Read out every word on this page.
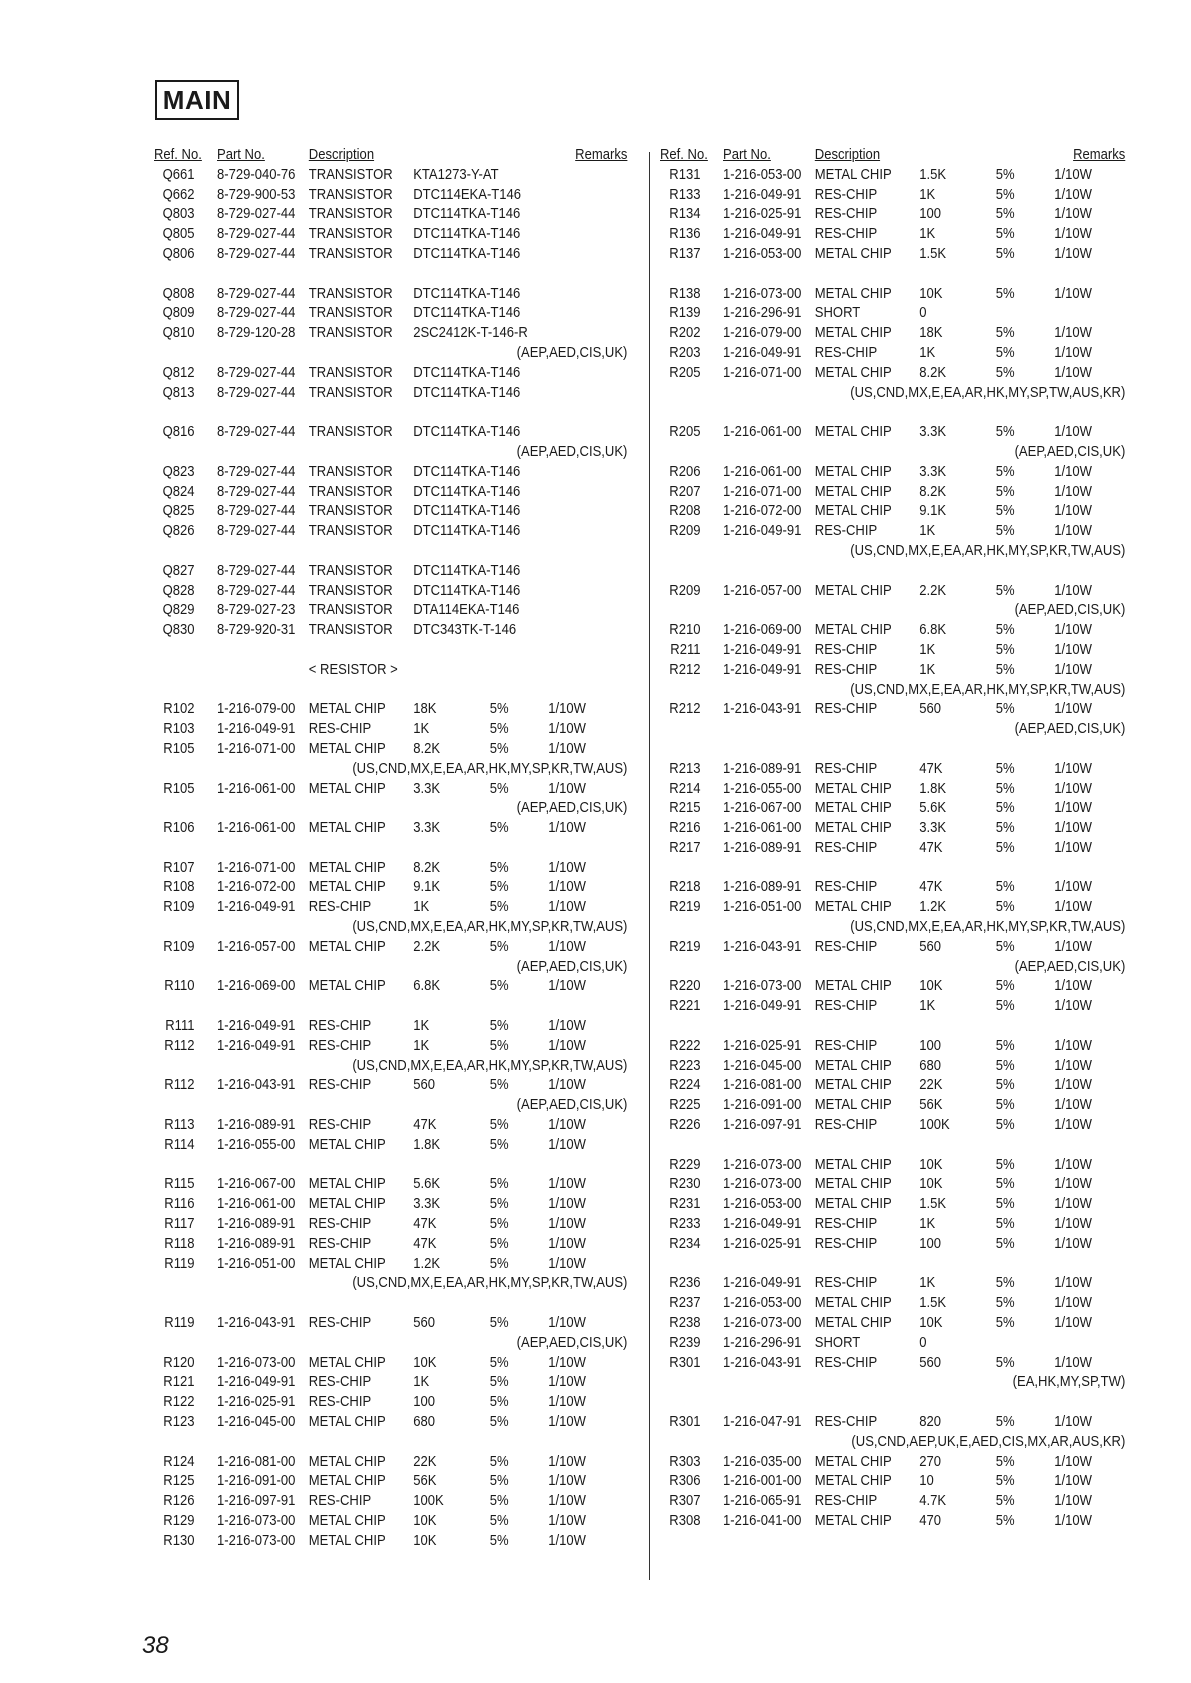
MAIN
Ref. No. Part No.	Description	Remarks
Q661 8-729-040-76 TRANSISTOR KTA1273-Y-AT
Q662 8-729-900-53 TRANSISTOR DTC114EKA-T146
Q803 8-729-027-44 TRANSISTOR DTC114TKA-T146
Q805 8-729-027-44 TRANSISTOR DTC114TKA-T146
Q806 8-729-027-44 TRANSISTOR DTC114TKA-T146
Q808 8-729-027-44 TRANSISTOR DTC114TKA-T146
Q809 8-729-027-44 TRANSISTOR DTC114TKA-T146
Q810 8-729-120-28 TRANSISTOR 2SC2412K-T-146-R
(AEP,AED,CIS,UK)
Q812 8-729-027-44 TRANSISTOR DTC114TKA-T146
Q813 8-729-027-44 TRANSISTOR DTC114TKA-T146
Q816 8-729-027-44 TRANSISTOR DTC114TKA-T146
(AEP,AED,CIS,UK)
Q823 8-729-027-44 TRANSISTOR DTC114TKA-T146
Q824 8-729-027-44 TRANSISTOR DTC114TKA-T146
Q825 8-729-027-44 TRANSISTOR DTC114TKA-T146
Q826 8-729-027-44 TRANSISTOR DTC114TKA-T146
Q827 8-729-027-44 TRANSISTOR DTC114TKA-T146
Q828 8-729-027-44 TRANSISTOR DTC114TKA-T146
Q829 8-729-027-23 TRANSISTOR DTA114EKA-T146
Q830 8-729-920-31 TRANSISTOR DTC343TK-T-146
< RESISTOR >
R102 1-216-079-00 METAL CHIP 18K	5%	1/10W
R103 1-216-049-91 RES-CHIP	1K	5%	1/10W
R105 1-216-071-00 METAL CHIP 8.2K	5%	1/10W
(US,CND,MX,E,EA,AR,HK,MY,SP,KR,TW,AUS)
R105 1-216-061-00 METAL CHIP 3.3K	5%	1/10W
(AEP,AED,CIS,UK)
R106 1-216-061-00 METAL CHIP 3.3K	5%	1/10W
R107 1-216-071-00 METAL CHIP 8.2K	5%	1/10W
R108 1-216-072-00 METAL CHIP 9.1K	5%	1/10W
R109 1-216-049-91 RES-CHIP	1K	5%	1/10W
(US,CND,MX,E,EA,AR,HK,MY,SP,KR,TW,AUS)
R109 1-216-057-00 METAL CHIP 2.2K	5%	1/10W
(AEP,AED,CIS,UK)
R110 1-216-069-00 METAL CHIP 6.8K	5%	1/10W
R111 1-216-049-91 RES-CHIP	1K	5%	1/10W
R112 1-216-049-91 RES-CHIP	1K	5%	1/10W
(US,CND,MX,E,EA,AR,HK,MY,SP,KR,TW,AUS)
R112 1-216-043-91 RES-CHIP	560	5%	1/10W
(AEP,AED,CIS,UK)
R113 1-216-089-91 RES-CHIP	47K	5%	1/10W
R114 1-216-055-00 METAL CHIP 1.8K	5%	1/10W
R115 1-216-067-00 METAL CHIP 5.6K	5%	1/10W
R116 1-216-061-00 METAL CHIP 3.3K	5%	1/10W
R117 1-216-089-91 RES-CHIP	47K	5%	1/10W
R118 1-216-089-91 RES-CHIP	47K	5%	1/10W
R119 1-216-051-00 METAL CHIP 1.2K	5%	1/10W
(US,CND,MX,E,EA,AR,HK,MY,SP,KR,TW,AUS)
R119 1-216-043-91 RES-CHIP	560	5%	1/10W
(AEP,AED,CIS,UK)
R120 1-216-073-00 METAL CHIP 10K	5%	1/10W
R121 1-216-049-91 RES-CHIP	1K	5%	1/10W
R122 1-216-025-91 RES-CHIP	100	5%	1/10W
R123 1-216-045-00 METAL CHIP 680	5%	1/10W
R124 1-216-081-00 METAL CHIP 22K	5%	1/10W
R125 1-216-091-00 METAL CHIP 56K	5%	1/10W
R126 1-216-097-91 RES-CHIP	100K	5%	1/10W
R129 1-216-073-00 METAL CHIP 10K	5%	1/10W
R130 1-216-073-00 METAL CHIP 10K	5%	1/10W
Ref. No. Part No.	Description	Remarks
R131 1-216-053-00 METAL CHIP 1.5K	5%	1/10W
R133 1-216-049-91 RES-CHIP	1K	5%	1/10W
R134 1-216-025-91 RES-CHIP	100	5%	1/10W
R136 1-216-049-91 RES-CHIP	1K	5%	1/10W
R137 1-216-053-00 METAL CHIP 1.5K	5%	1/10W
R138 1-216-073-00 METAL CHIP 10K	5%	1/10W
R139 1-216-296-91 SHORT	0
R202 1-216-079-00 METAL CHIP 18K	5%	1/10W
R203 1-216-049-91 RES-CHIP	1K	5%	1/10W
R205 1-216-071-00 METAL CHIP 8.2K	5%	1/10W
(US,CND,MX,E,EA,AR,HK,MY,SP,TW,AUS,KR)
R205 1-216-061-00 METAL CHIP 3.3K	5%	1/10W
(AEP,AED,CIS,UK)
R206 1-216-061-00 METAL CHIP 3.3K	5%	1/10W
R207 1-216-071-00 METAL CHIP 8.2K	5%	1/10W
R208 1-216-072-00 METAL CHIP 9.1K	5%	1/10W
R209 1-216-049-91 RES-CHIP	1K	5%	1/10W
(US,CND,MX,E,EA,AR,HK,MY,SP,KR,TW,AUS)
R209 1-216-057-00 METAL CHIP 2.2K	5%	1/10W
(AEP,AED,CIS,UK)
R210 1-216-069-00 METAL CHIP 6.8K	5%	1/10W
R211 1-216-049-91 RES-CHIP	1K	5%	1/10W
R212 1-216-049-91 RES-CHIP	1K	5%	1/10W
(US,CND,MX,E,EA,AR,HK,MY,SP,KR,TW,AUS)
R212 1-216-043-91 RES-CHIP	560	5%	1/10W
(AEP,AED,CIS,UK)
R213 1-216-089-91 RES-CHIP	47K	5%	1/10W
R214 1-216-055-00 METAL CHIP 1.8K	5%	1/10W
R215 1-216-067-00 METAL CHIP 5.6K	5%	1/10W
R216 1-216-061-00 METAL CHIP 3.3K	5%	1/10W
R217 1-216-089-91 RES-CHIP	47K	5%	1/10W
R218 1-216-089-91 RES-CHIP	47K	5%	1/10W
R219 1-216-051-00 METAL CHIP 1.2K	5%	1/10W
(US,CND,MX,E,EA,AR,HK,MY,SP,KR,TW,AUS)
R219 1-216-043-91 RES-CHIP	560	5%	1/10W
(AEP,AED,CIS,UK)
R220 1-216-073-00 METAL CHIP 10K	5%	1/10W
R221 1-216-049-91 RES-CHIP	1K	5%	1/10W
R222 1-216-025-91 RES-CHIP	100	5%	1/10W
R223 1-216-045-00 METAL CHIP 680	5%	1/10W
R224 1-216-081-00 METAL CHIP 22K	5%	1/10W
R225 1-216-091-00 METAL CHIP 56K	5%	1/10W
R226 1-216-097-91 RES-CHIP	100K	5%	1/10W
R229 1-216-073-00 METAL CHIP 10K	5%	1/10W
R230 1-216-073-00 METAL CHIP 10K	5%	1/10W
R231 1-216-053-00 METAL CHIP 1.5K	5%	1/10W
R233 1-216-049-91 RES-CHIP	1K	5%	1/10W
R234 1-216-025-91 RES-CHIP	100	5%	1/10W
R236 1-216-049-91 RES-CHIP	1K	5%	1/10W
R237 1-216-053-00 METAL CHIP 1.5K	5%	1/10W
R238 1-216-073-00 METAL CHIP 10K	5%	1/10W
R239 1-216-296-91 SHORT	0
R301 1-216-043-91 RES-CHIP	560	5%	1/10W
(EA,HK,MY,SP,TW)
R301 1-216-047-91 RES-CHIP	820	5%	1/10W
(US,CND,AEP,UK,E,AED,CIS,MX,AR,AUS,KR)
R303 1-216-035-00 METAL CHIP 270	5%	1/10W
R306 1-216-001-00 METAL CHIP 10	5%	1/10W
R307 1-216-065-91 RES-CHIP	4.7K	5%	1/10W
R308 1-216-041-00 METAL CHIP 470	5%	1/10W
38
